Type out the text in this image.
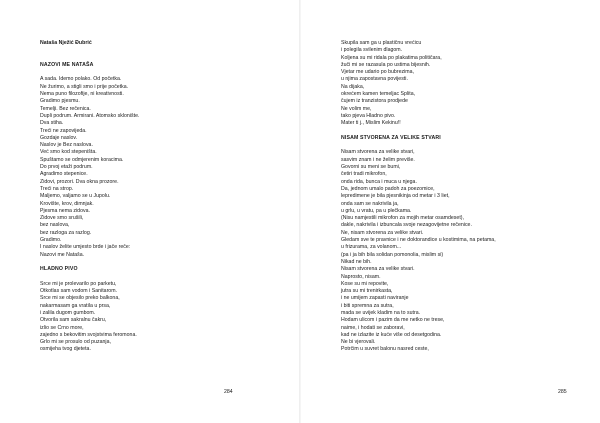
Nataša Nježić Đubrić
NAZOVI ME NATAŠA
A sada. Idemo polako. Od početka.
Ne žurimo, a stigli smo i prije početka.
Nema puno filozofije, ni kreativnosti.
Gradimo pjesmu.
Temelji. Bez rečenica.
Dupli podrum. Armirani. Atomsko sklonište.
Dva stiha.
Treći ne zapovijeda.
Gozdaje naslov.
Naslov je Bez naslova.
Već smo kod stepeništa.
Spuštamo se odmjerenim koracima.
Do prvoj etaži podrum.
Agradimo stepenice.
Zidovi, prozori. Dva okna prozore.
Treći na strop.
Maljemo, valjamo se u Jupolu.
Krovište, krov, dimnjak.
Pjesma nema zidova.
Zidove smo srušili,
bez naslova,
bez razloga za razlog.
Gradimo.
I naslov želite umjesto brde i jače reče:
Nazovi me Nataša.
HLADNO PIVO
Srce mi je prolevarilo po parketu,
Otkotlas sam vodom i Sanitarom.
Srce mi se objesilo preko balkona,
nakarmasam ga vratila u prsa,
i zalila dugom gumbom.
Otvorila sam sakralnu čakru,
izlio se Crno more,
zajedno s bekovitim svojstvima feromona.
Grlo mi se prosulo od puzanja,
osmijeha tvog djeteta.
284
Skupila sam ga u plastičnu vrećicu
i polegila svilenim dlagom.
Koljena su mi ridala po plakatima političara,
žuči mi se razasula po ustima bijesnih.
Vjetar me udario po bubrezima,
u njima zapostavna povijesti.
Na dijaka,
okrećem kamen temeljac Splita,
čujem iz tranzistora prodjede
Ne volim me,
tako pjeva Hladno pivo.
Mater ti j., Mislim Kekinu!!
NISAM STVORENA ZA VELIKE STVARI
Nisam stvorena za velike stvari,
sasvim znam i ne želim previše.
Govorni su meni se bumi,
četiri tradi mikrofon,
onda rida, bunca i muca u njega.
Da, jednom umalo padoh za poezomice,
lepredimene je bila pjesnikinja od metar i 3 liet,
onda sam se nakrivila ja,
u grlu, u vratu, pa u plečkama.
(Nisu namjestili mikrofon za mojih metar osamdeset),
dakle, nakrivila i izbuncala svoje nezagovijetne rečenice.
Ne, nisam stvorena za velike stvari.
Gledam sve te pravnice i ne doktorandice u kostimima, na petama,
u frizurama, za volanom...
(pa i ja bih bila solidan pomonolia, mislim si)
Nikad ne bih.
Nisam stvorena za velike stvari.
Naprosto, nisam.
Kose su mi repovite,
jutra su mi trenirkasta,
i ne umijem zapasti naviranje
i biti spremna za sutra,
mada se uvijek kladim na to sutra.
Hodam ulicom i pazim da me netko ne trese,
naime, i hodati se zaboravi,
kad ne izlazite iz kuće više od desetgodina.
Ne bi vjerovali.
Potrčim u suvret balonu nasred ceste,
285
